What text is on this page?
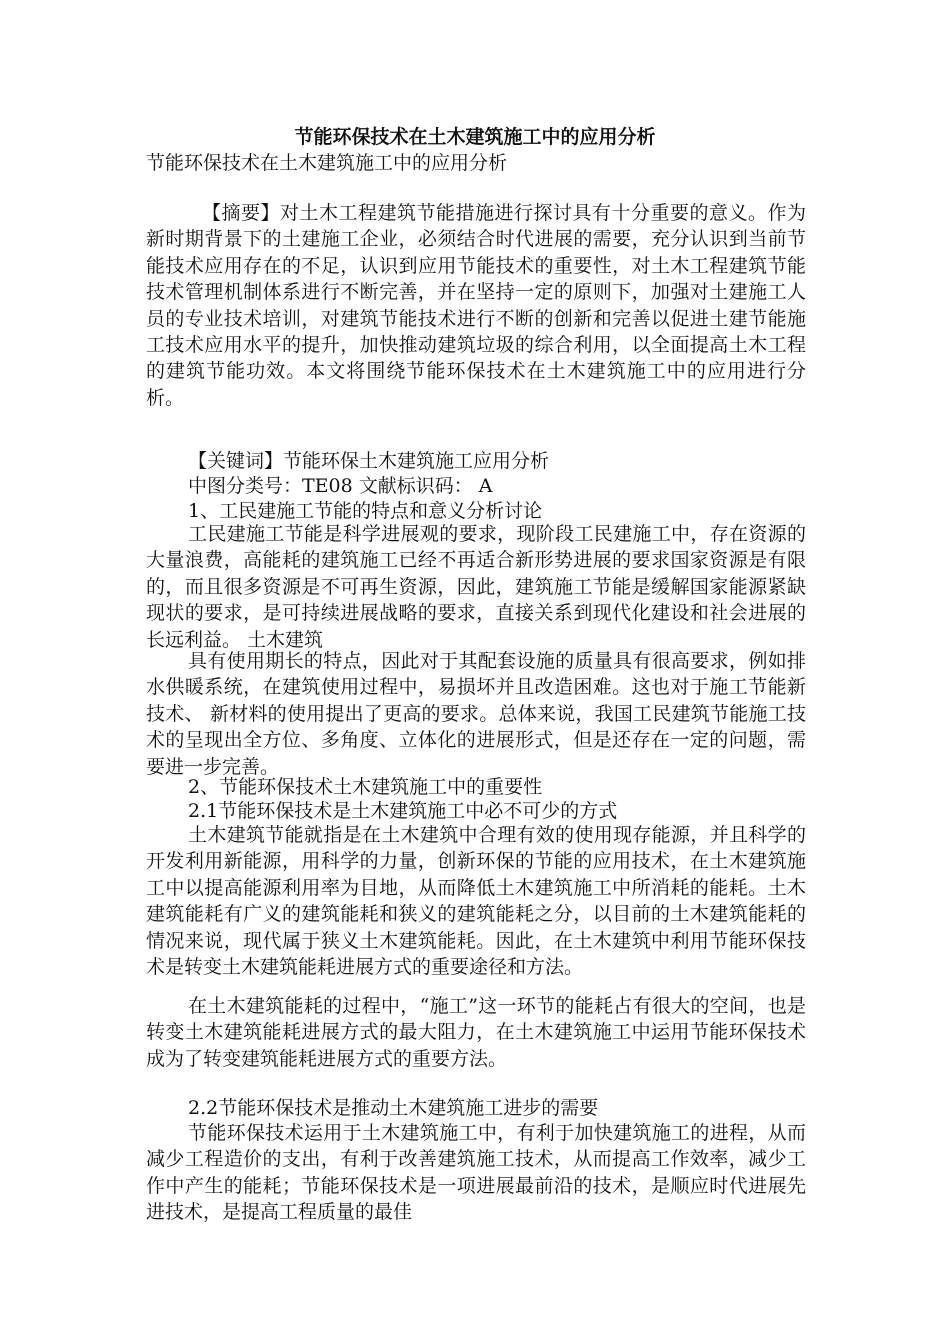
节能环保技术在土木建筑施工中的应用分析
节能环保技术在土木建筑施工中的应用分析

【摘要】对土木工程建筑节能措施进行探讨具有十分重要的意义。作为新时期背景下的土建施工企业，必须结合时代进展的需要，充分认识到当前节能技术应用存在的不足，认识到应用节能技术的重要性，对土木工程建筑节能技术管理机制体系进行不断完善，并在坚持一定的原则下，加强对土建施工人员的专业技术培训，对建筑节能技术进行不断的创新和完善以促进土建节能施工技术应用水平的提升，加快推动建筑垃圾的综合利用，以全面提高土木工程的建筑节能功效。本文将围绕节能环保技术在土木建筑施工中的应用进行分析。

【关键词】节能环保土木建筑施工应用分析

中图分类号：TE08 文献标识码： A

1、工民建施工节能的特点和意义分析讨论

工民建施工节能是科学进展观的要求，现阶段工民建施工中，存在资源的大量浪费，高能耗的建筑施工已经不再适合新形势进展的要求国家资源是有限的，而且很多资源是不可再生资源，因此，建筑施工节能是缓解国家能源紧缺现状的要求，是可持续进展战略的要求，直接关系到现代化建设和社会进展的长远利益。 土木建筑

具有使用期长的特点，因此对于其配套设施的质量具有很高要求，例如排水供暖系统，在建筑使用过程中，易损坏并且改造困难。这也对于施工节能新技术、 新材料的使用提出了更高的要求。总体来说，我国工民建筑节能施工技术的呈现出全方位、多角度、立体化的进展形式，但是还存在一定的问题，需要进一步完善。

2、节能环保技术土木建筑施工中的重要性

2.1节能环保技术是土木建筑施工中必不可少的方式

土木建筑节能就指是在土木建筑中合理有效的使用现存能源，并且科学的开发利用新能源，用科学的力量，创新环保的节能的应用技术，在土木建筑施工中以提高能源利用率为目地，从而降低土木建筑施工中所消耗的能耗。土木建筑能耗有广义的建筑能耗和狭义的建筑能耗之分，以目前的土木建筑能耗的情况来说，现代属于狭义土木建筑能耗。因此，在土木建筑中利用节能环保技术是转变土木建筑能耗进展方式的重要途径和方法。

在土木建筑能耗的过程中，“施工”这一环节的能耗占有很大的空间，也是转变土木建筑能耗进展方式的最大阻力，在土木建筑施工中运用节能环保技术成为了转变建筑能耗进展方式的重要方法。

2.2节能环保技术是推动土木建筑施工进步的需要

节能环保技术运用于土木建筑施工中，有利于加快建筑施工的进程，从而减少工程造价的支出，有利于改善建筑施工技术，从而提高工作效率，减少工作中产生的能耗；节能环保技术是一项进展最前沿的技术，是顺应时代进展先进技术，是提高工程质量的最佳
